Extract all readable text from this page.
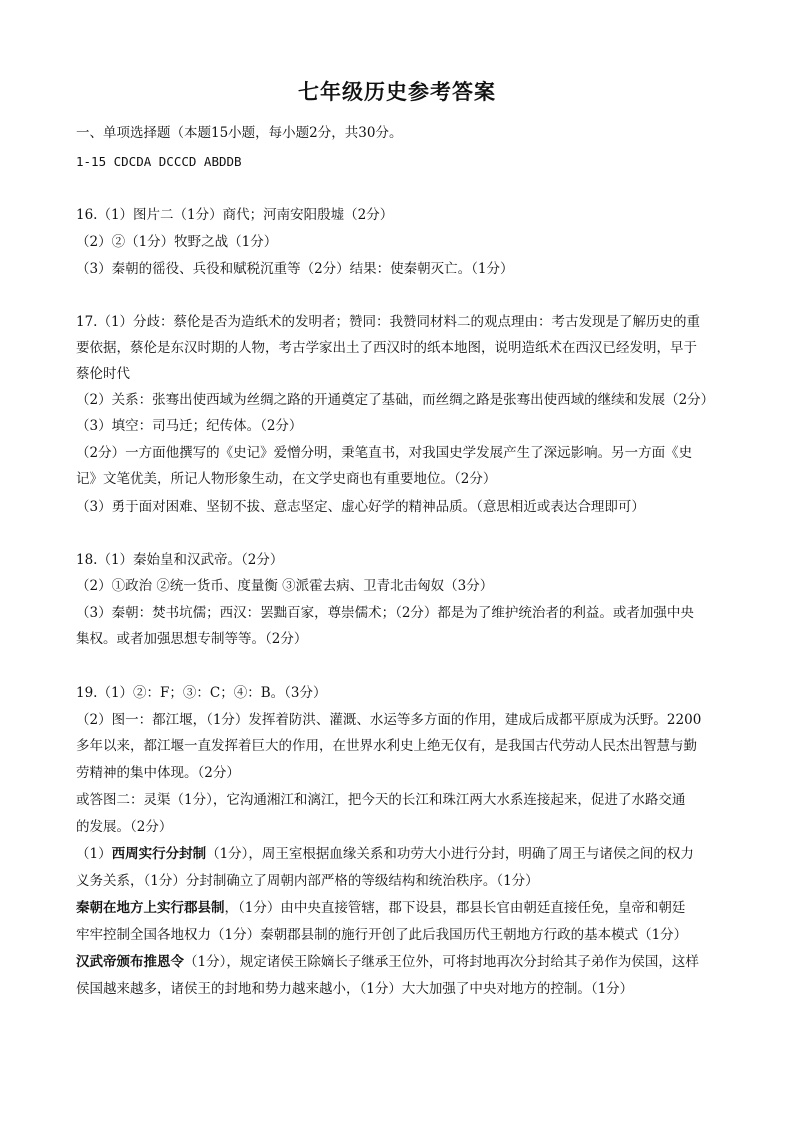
七年级历史参考答案
一、单项选择题（本题15小题，每小题2分，共30分。
1-15 CDCDA DCCCD ABDDB
16.（1）图片二（1分）商代；河南安阳殷墟（2分）
（2）②（1分）牧野之战（1分）
（3）秦朝的徭役、兵役和赋税沉重等（2分）结果：使秦朝灭亡。（1分）
17.（1）分歧：蔡伦是否为造纸术的发明者；赞同：我赞同材料二的观点理由：考古发现是了解历史的重
要依据，蔡伦是东汉时期的人物，考古学家出土了西汉时的纸本地图，说明造纸术在西汉已经发明，早于
蔡伦时代
（2）关系：张骞出使西域为丝绸之路的开通奠定了基础，而丝绸之路是张骞出使西域的继续和发展（2分）
（3）填空：司马迁；纪传体。（2分）
（2分）一方面他撰写的《史记》爱憎分明，秉笔直书，对我国史学发展产生了深远影响。另一方面《史
记》文笔优美，所记人物形象生动，在文学史商也有重要地位。（2分）
（3）勇于面对困难、坚韧不拔、意志坚定、虚心好学的精神品质。（意思相近或表达合理即可）
18.（1）秦始皇和汉武帝。（2分）
（2）①政治 ②统一货币、度量衡 ③派霍去病、卫青北击匈奴（3分）
（3）秦朝：焚书坑儒；西汉：罢黜百家，尊崇儒术；（2分）都是为了维护统治者的利益。或者加强中央
集权。或者加强思想专制等等。（2分）
19.（1）②：F；③：C；④：B。（3分）
（2）图一：都江堰，（1分）发挥着防洪、灌溉、水运等多方面的作用，建成后成都平原成为沃野。2200
多年以来，都江堰一直发挥着巨大的作用，在世界水利史上绝无仅有，是我国古代劳动人民杰出智慧与勤
劳精神的集中体现。（2分）
或答图二：灵渠（1分），它沟通湘江和漓江，把今天的长江和珠江两大水系连接起来，促进了水路交通
的发展。（2分）
（1）西周实行分封制（1分），周王室根据血缘关系和功劳大小进行分封，明确了周王与诸侯之间的权力
义务关系，（1分）分封制确立了周朝内部严格的等级结构和统治秩序。（1分）
秦朝在地方上实行郡县制，（1分）由中央直接管辖，郡下设县，郡县长官由朝廷直接任免，皇帝和朝廷
牢牢控制全国各地权力（1分）秦朝郡县制的施行开创了此后我国历代王朝地方行政的基本模式（1分）
汉武帝颁布推恩令（1分），规定诸侯王除嫡长子继承王位外，可将封地再次分封给其子弟作为侯国，这样
侯国越来越多，诸侯王的封地和势力越来越小，（1分）大大加强了中央对地方的控制。（1分）
